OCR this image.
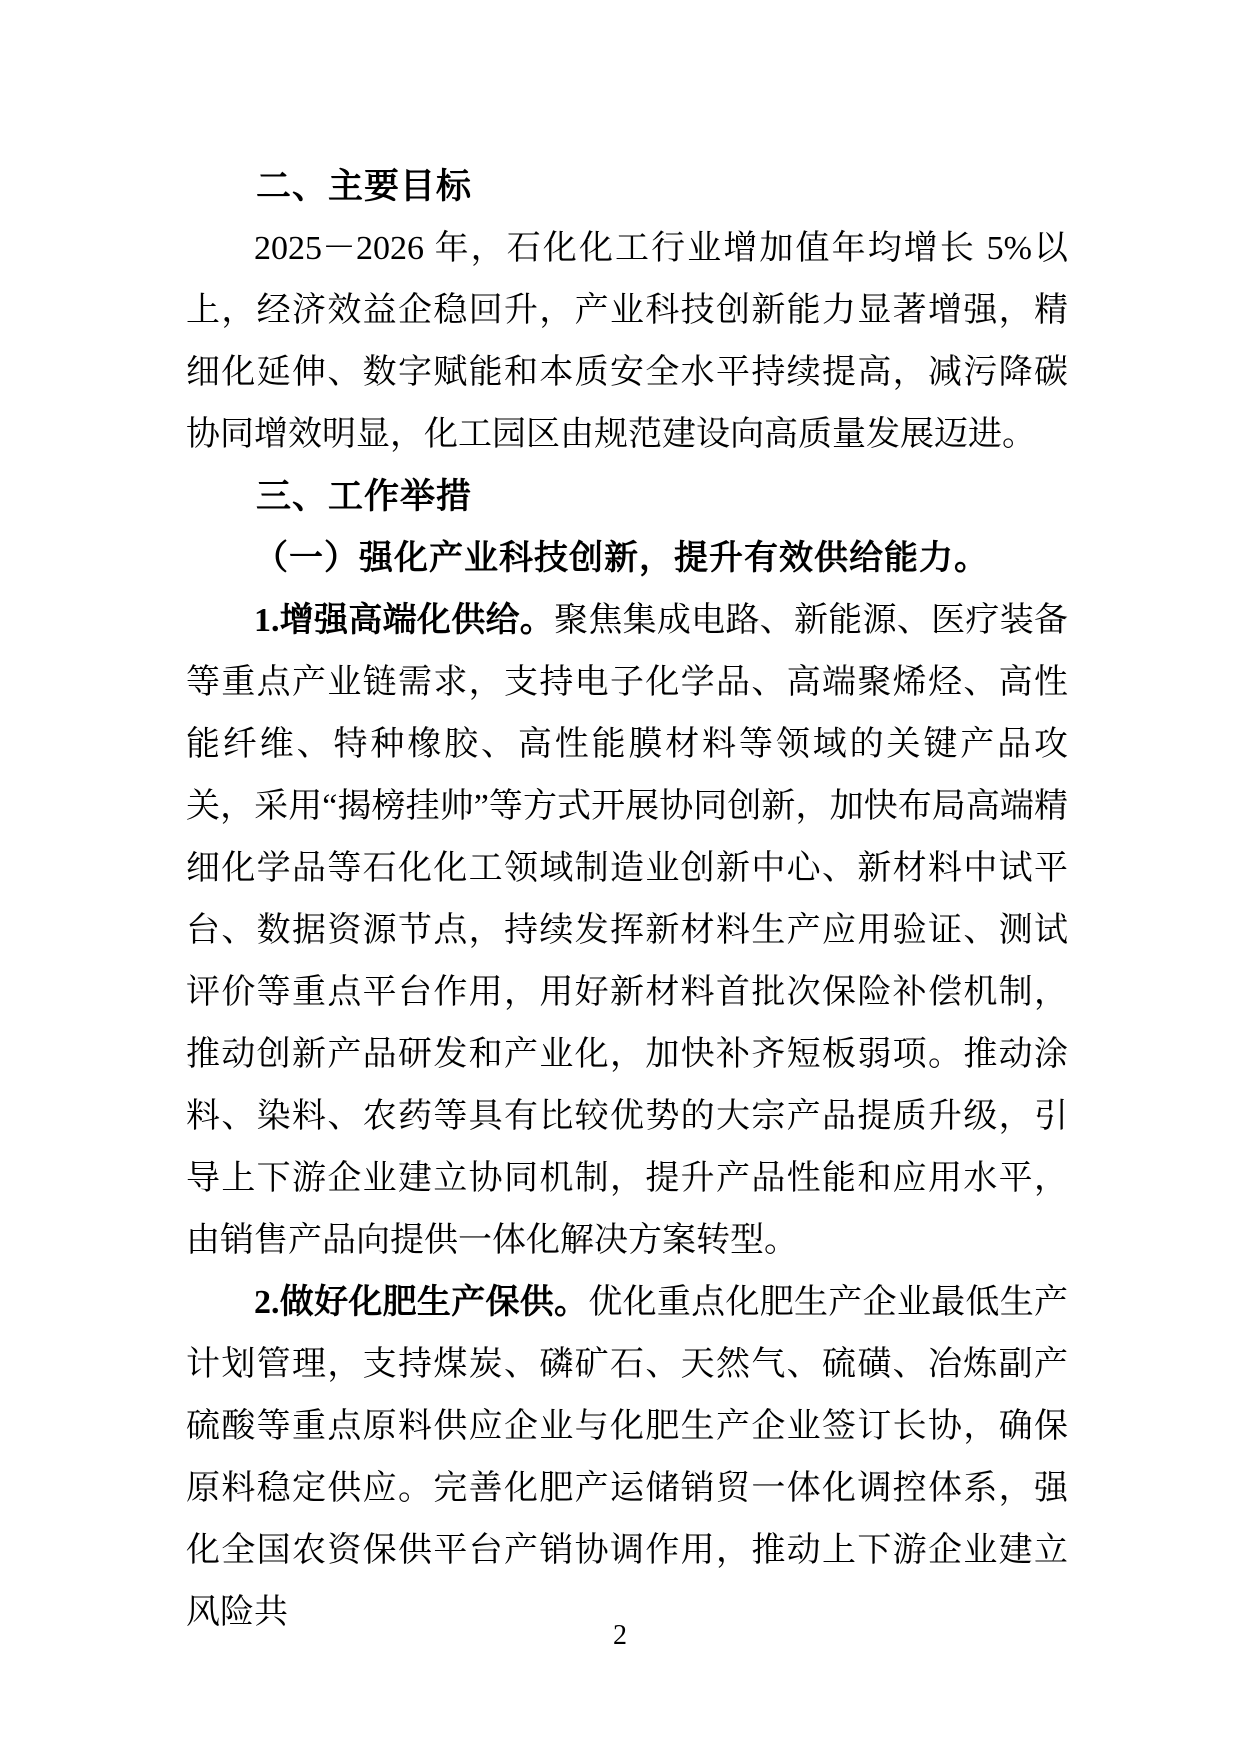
二、主要目标

2025－2026 年，石化化工行业增加值年均增长 5%以上，经济效益企稳回升，产业科技创新能力显著增强，精细化延伸、数字赋能和本质安全水平持续提高，减污降碳协同增效明显，化工园区由规范建设向高质量发展迈进。

三、工作举措

（一）强化产业科技创新，提升有效供给能力。

1.增强高端化供给。聚焦集成电路、新能源、医疗装备等重点产业链需求，支持电子化学品、高端聚烯烃、高性能纤维、特种橡胶、高性能膜材料等领域的关键产品攻关，采用“揭榜挂帅”等方式开展协同创新，加快布局高端精细化学品等石化化工领域制造业创新中心、新材料中试平台、数据资源节点，持续发挥新材料生产应用验证、测试评价等重点平台作用，用好新材料首批次保险补偿机制，推动创新产品研发和产业化，加快补齐短板弱项。推动涂料、染料、农药等具有比较优势的大宗产品提质升级，引导上下游企业建立协同机制，提升产品性能和应用水平，由销售产品向提供一体化解决方案转型。

2.做好化肥生产保供。优化重点化肥生产企业最低生产计划管理，支持煤炭、磷矿石、天然气、硫磺、冶炼副产硫酸等重点原料供应企业与化肥生产企业签订长协，确保原料稳定供应。完善化肥产运储销贸一体化调控体系，强化全国农资保供平台产销协调作用，推动上下游企业建立风险共

2
